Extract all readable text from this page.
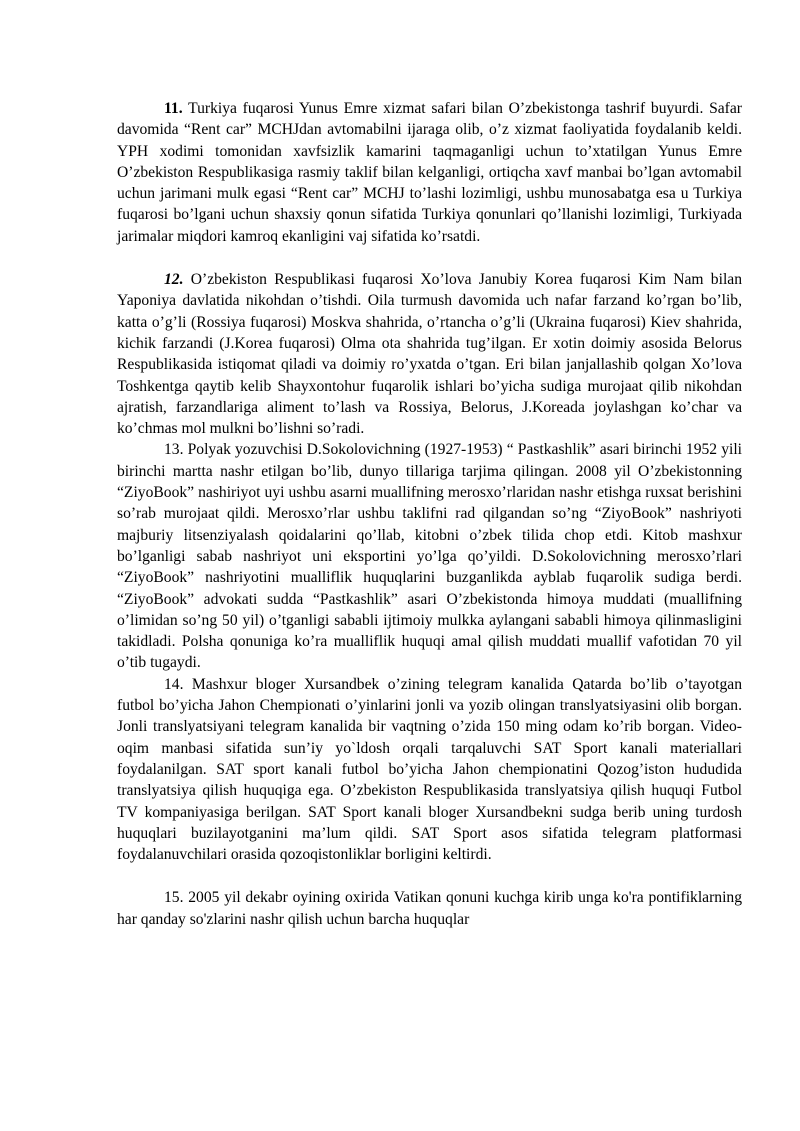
11. Turkiya fuqarosi Yunus Emre xizmat safari bilan O’zbekistonga tashrif buyurdi. Safar davomida “Rent car” MCHJdan avtomabilni ijaraga olib, o’z xizmat faoliyatida foydalanib keldi. YPH xodimi tomonidan xavfsizlik kamarini taqmaganligi uchun to’xtatilgan Yunus Emre O’zbekiston Respublikasiga rasmiy taklif bilan kelganligi, ortiqcha xavf manbai bo’lgan avtomabil uchun jarimani mulk egasi “Rent car” MCHJ to’lashi lozimligi, ushbu munosabatga esa u Turkiya fuqarosi bo’lgani uchun shaxsiy qonun sifatida Turkiya qonunlari qo’llanishi lozimligi, Turkiyada jarimalar miqdori kamroq ekanligini vaj sifatida ko’rsatdi.

12. O’zbekiston Respublikasi fuqarosi Xo’lova Janubiy Korea fuqarosi Kim Nam bilan Yaponiya davlatida nikohdan o’tishdi. Oila turmush davomida uch nafar farzand ko’rgan bo’lib, katta o’g’li (Rossiya fuqarosi) Moskva shahrida, o’rtancha o’g’li (Ukraina fuqarosi) Kiev shahrida, kichik farzandi (J.Korea fuqarosi) Olma ota shahrida tug’ilgan. Er xotin doimiy asosida Belorus Respublikasida istiqomat qiladi va doimiy ro’yxatda o’tgan. Eri bilan janjallashib qolgan Xo’lova Toshkentga qaytib kelib Shayxontohur fuqarolik ishlari bo’yicha sudiga murojaat qilib nikohdan ajratish, farzandlariga aliment to’lash va Rossiya, Belorus, J.Koreada joylashgan ko’char va ko’chmas mol mulkni bo’lishni so’radi.

13. Polyak yozuvchisi D.Sokolovichning (1927-1953) “ Pastkashlik” asari birinchi 1952 yili birinchi martta nashr etilgan bo’lib, dunyo tillariga tarjima qilingan. 2008 yil O’zbekistonning “ZiyoBook” nashiriyot uyi ushbu asarni muallifning merosxo’rlaridan nashr etishga ruxsat berishini so’rab murojaat qildi. Merosxo’rlar ushbu taklifni rad qilgandan so’ng “ZiyoBook” nashriyoti majburiy litsenziyalash qoidalarini qo’llab, kitobni o’zbek tilida chop etdi. Kitob mashxur bo’lganligi sabab nashriyot uni eksportini yo’lga qo’yildi. D.Sokolovichning merosxo’rlari “ZiyoBook” nashriyotini mualliflik huquqlarini buzganlikda ayblab fuqarolik sudiga berdi. “ZiyoBook” advokati sudda “Pastkashlik” asari O’zbekistonda himoya muddati (muallifning o’limidan so’ng 50 yil) o’tganligi sababli ijtimoiy mulkka aylangani sababli himoya qilinmasligini takidladi. Polsha qonuniga ko’ra mualliflik huquqi amal qilish muddati muallif vafotidan 70 yil o’tib tugaydi.

14. Mashxur bloger Xursandbek o’zining telegram kanalida Qatarda bo’lib o’tayotgan futbol bo’yicha Jahon Chempionati o’yinlarini jonli va yozib olingan translyatsiyasini olib borgan. Jonli translyatsiyani telegram kanalida bir vaqtning o’zida 150 ming odam ko’rib borgan. Video-oqim manbasi sifatida sun’iy yo`ldosh orqali tarqaluvchi SAT Sport kanali materiallari foydalanilgan. SAT sport kanali futbol bo’yicha Jahon chempionatini Qozog’iston hududida translyatsiya qilish huquqiga ega. O’zbekiston Respublikasida translyatsiya qilish huquqi Futbol TV kompaniyasiga berilgan. SAT Sport kanali bloger Xursandbekni sudga berib uning turdosh huquqlari buzilayotganini ma’lum qildi. SAT Sport asos sifatida telegram platformasi foydalanuvchilari orasida qozoqistonliklar borligini keltirdi.

15. 2005 yil dekabr oyining oxirida Vatikan qonuni kuchga kirib unga ko'ra pontifiklarning har qanday so'zlarini nashr qilish uchun barcha huquqlar
